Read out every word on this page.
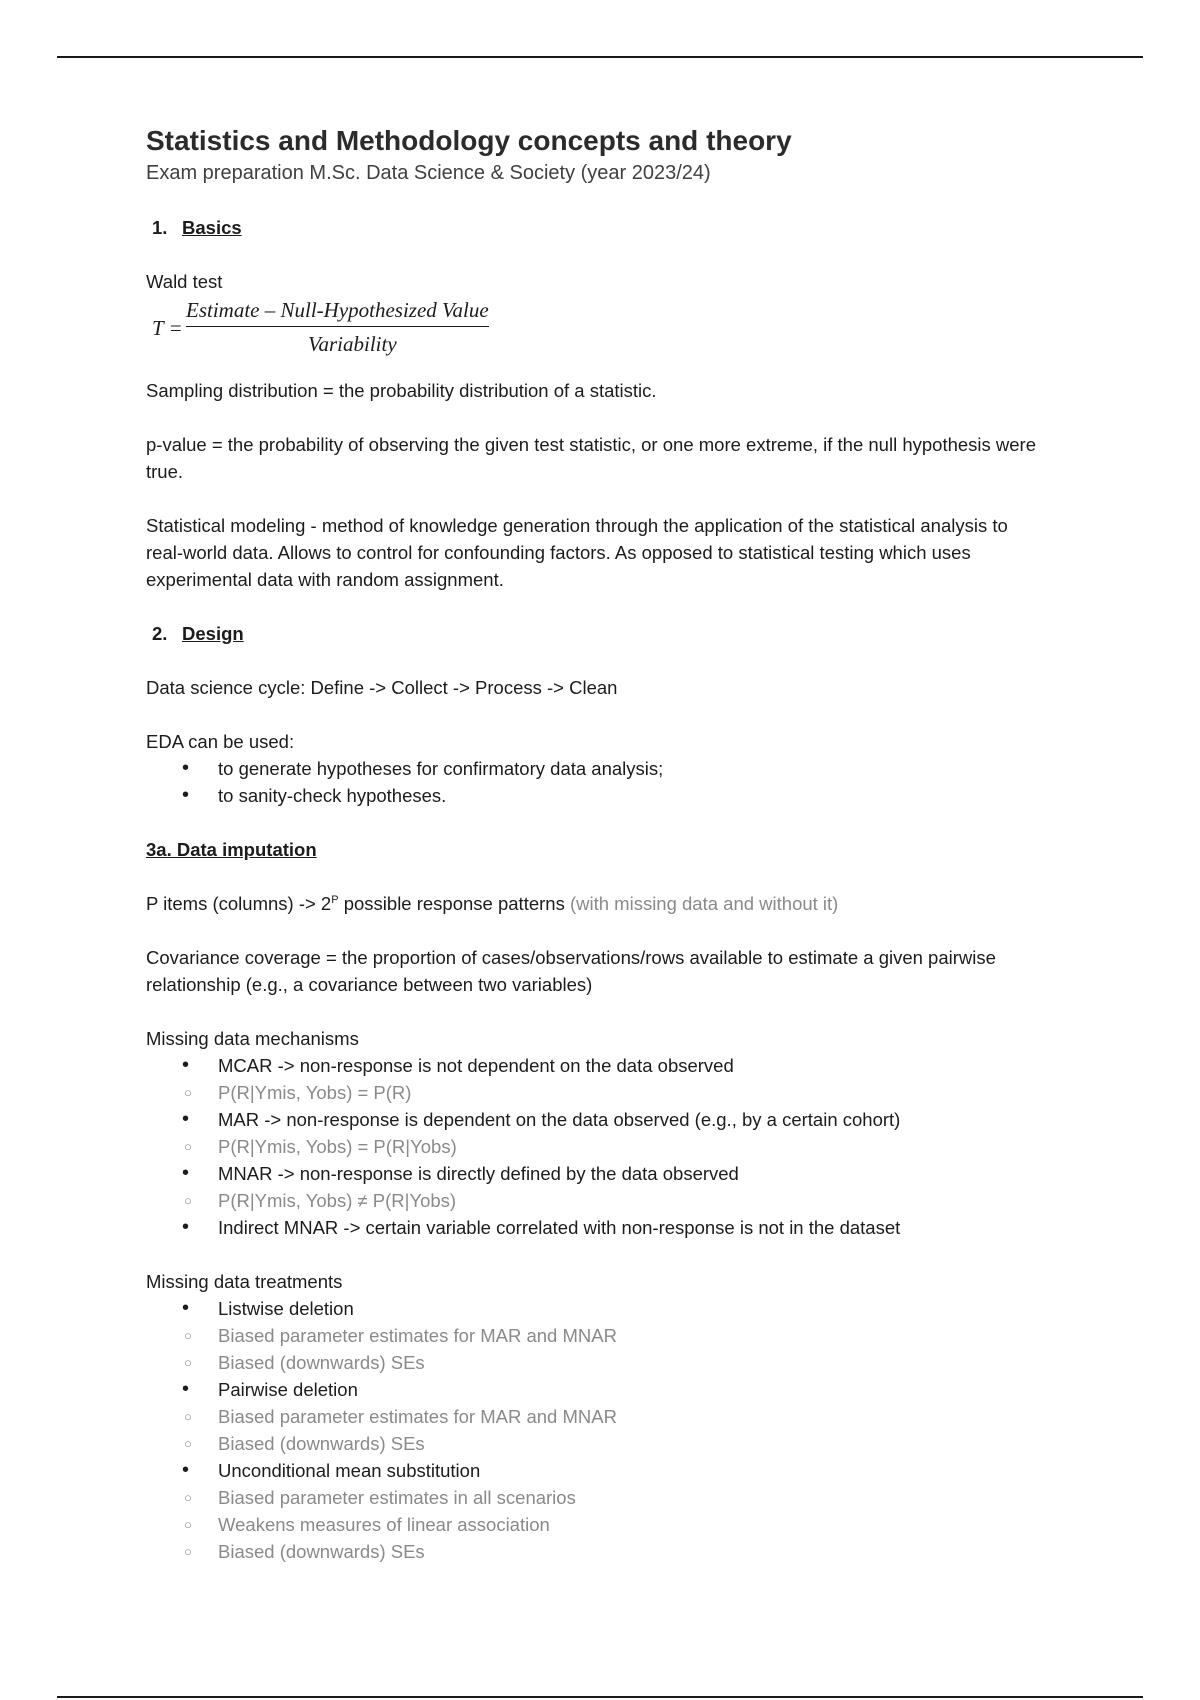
Statistics and Methodology concepts and theory
Exam preparation M.Sc. Data Science & Society (year 2023/24)
1. Basics

Wald test

T =
Estimate – Null-Hypothesized Value
Variability

Sampling distribution = the probability distribution of a statistic.

p-value = the probability of observing the given test statistic, or one more extreme, if the null hypothesis were true.

Statistical modeling - method of knowledge generation through the application of the statistical analysis to real-world data. Allows to control for confounding factors. As opposed to statistical testing which uses experimental data with random assignment.

2. Design

Data science cycle: Define -> Collect -> Process -> Clean

EDA can be used:

• to generate hypotheses for confirmatory data analysis;
• to sanity-check hypotheses.
3a. Data imputation

P items (columns) -> $2^P$ possible response patterns (with missing data and without it)

Covariance coverage = the proportion of cases/observations/rows available to estimate a given pairwise relationship (e.g., a covariance between two variables)

Missing data mechanisms

• MCAR -> non-response is not dependent on the data observed
○ P(R|Ymis, Yobs) = P(R)
• MAR -> non-response is dependent on the data observed (e.g., by a certain cohort)
○ P(R|Ymis, Yobs) = P(R|Yobs)
• MNAR -> non-response is directly defined by the data observed
○ P(R|Ymis, Yobs) ≠ P(R|Yobs)
• Indirect MNAR -> certain variable correlated with non-response is not in the dataset

Missing data treatments

• Listwise deletion
○ Biased parameter estimates for MAR and MNAR
○ Biased (downwards) SEs
• Pairwise deletion
○ Biased parameter estimates for MAR and MNAR
○ Biased (downwards) SEs
• Unconditional mean substitution
○ Biased parameter estimates in all scenarios
○ Weakens measures of linear association
○ Biased (downwards) SEs
